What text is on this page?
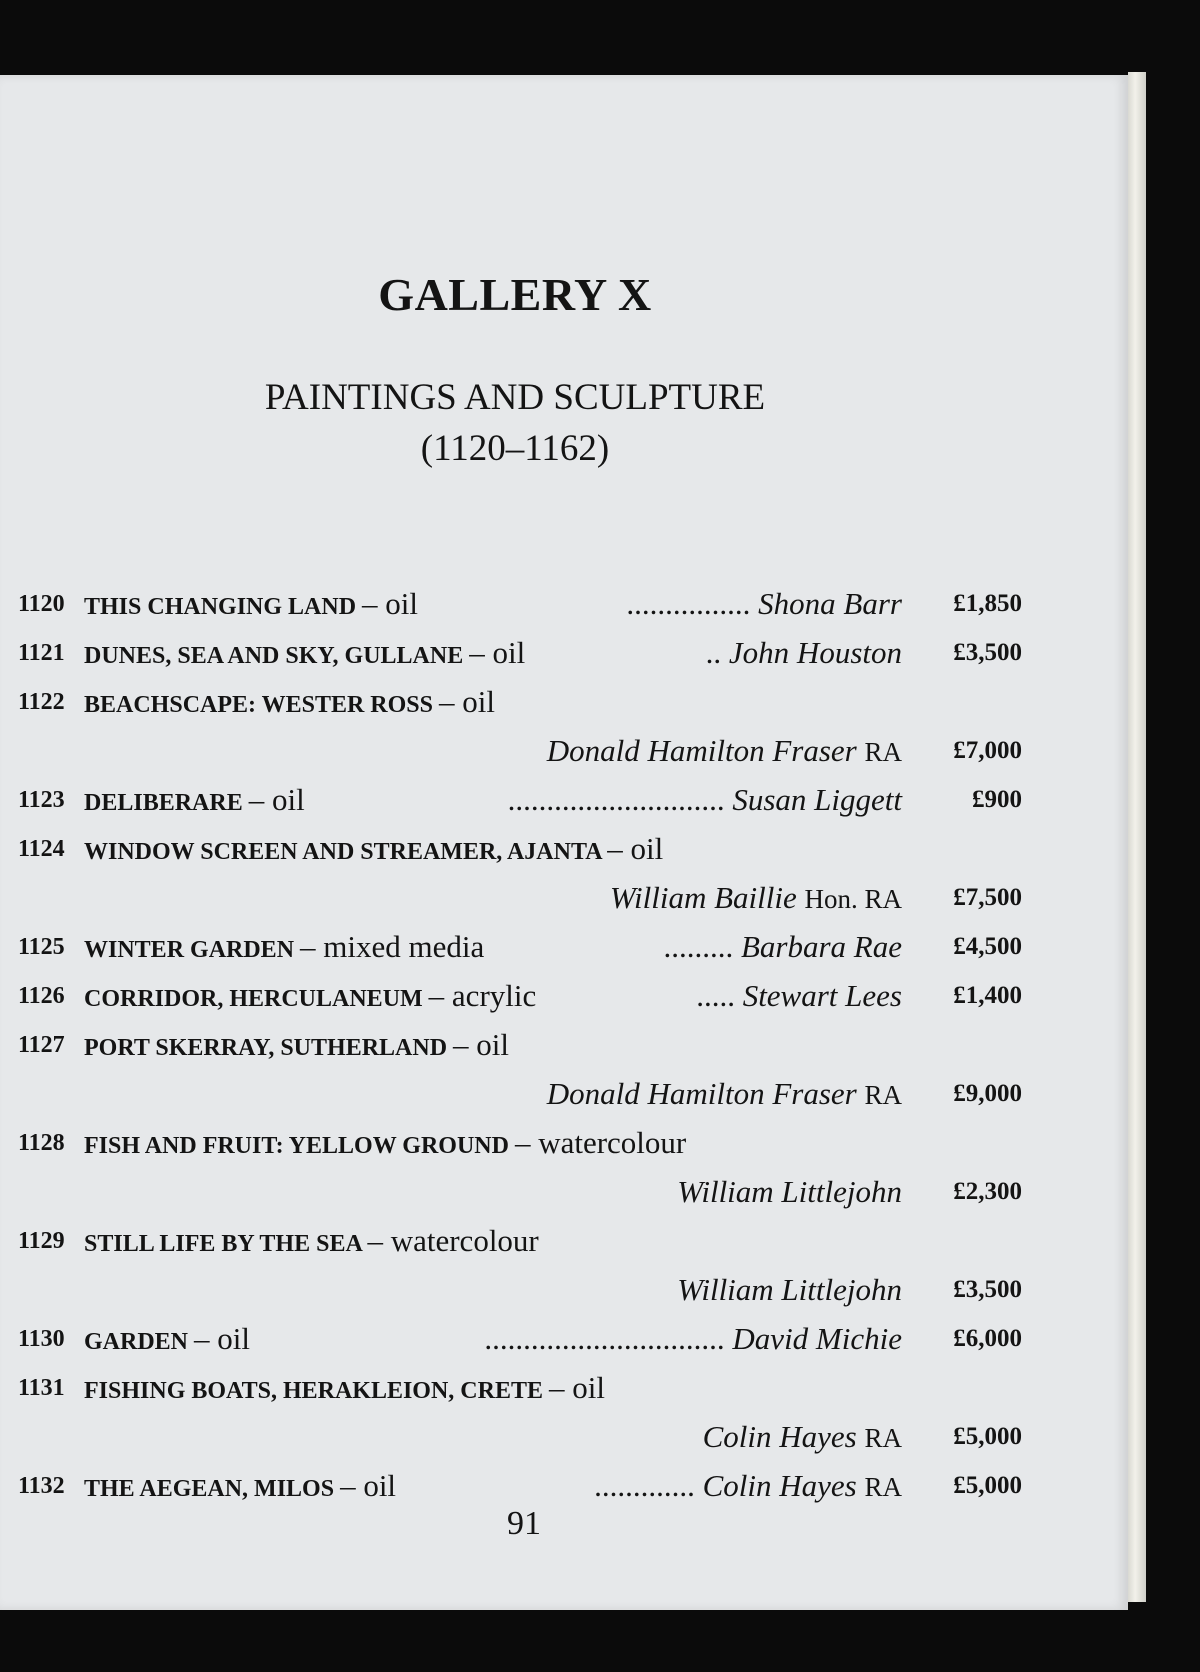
GALLERY X
PAINTINGS AND SCULPTURE
(1120–1162)
1120 THIS CHANGING LAND – oil	................ Shona Barr £1,850
1121 DUNES, SEA AND SKY, GULLANE – oil	.. John Houston £3,500
1122 BEACHSCAPE: WESTER ROSS – oil
Donald Hamilton Fraser RA £7,000
1123 DELIBERARE – oil	............................ Susan Liggett	£900
1124 WINDOW SCREEN AND STREAMER, AJANTA – oil
William Baillie Hon. RA £7,500
1125 WINTER GARDEN – mixed media	......... Barbara Rae £4,500
1126 CORRIDOR, HERCULANEUM – acrylic	..... Stewart Lees £1,400
1127 PORT SKERRAY, SUTHERLAND – oil
Donald Hamilton Fraser RA £9,000
1128 FISH AND FRUIT: YELLOW GROUND – watercolour
William Littlejohn £2,300
1129 STILL LIFE BY THE SEA – watercolour
William Littlejohn £3,500
1130 GARDEN – oil	............................... David Michie £6,000
1131 FISHING BOATS, HERAKLEION, CRETE – oil
Colin Hayes RA £5,000
1132 THE AEGEAN, MILOS – oil	............. Colin Hayes RA £5,000
91
